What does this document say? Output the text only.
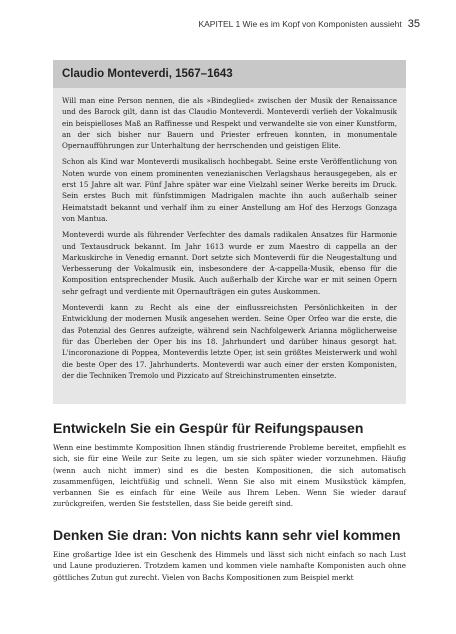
KAPITEL 1 Wie es im Kopf von Komponisten aussieht 35
Claudio Monteverdi, 1567–1643

Will man eine Person nennen, die als »Bindeglied« zwischen der Musik der Renaissance und des Barock gilt, dann ist das Claudio Monteverdi. Monteverdi verlieh der Vokalmusik ein beispielloses Maß an Raffinesse und Respekt und verwandelte sie von einer Kunstform, an der sich bisher nur Bauern und Priester erfreuen konnten, in monumentale Opernaufführungen zur Unterhaltung der herrschenden und geistigen Elite.

Schon als Kind war Monteverdi musikalisch hochbegabt. Seine erste Veröffentlichung von Noten wurde von einem prominenten venezianischen Verlagshaus herausgegeben, als er erst 15 Jahre alt war. Fünf Jahre später war eine Vielzahl seiner Werke bereits im Druck. Sein erstes Buch mit fünfstimmigen Madrigalen machte ihn auch außerhalb seiner Heimatstadt bekannt und verhalf ihm zu einer Anstellung am Hof des Herzogs Gonzaga von Mantua.

Monteverdi wurde als führender Verfechter des damals radikalen Ansatzes für Harmonie und Textausdruck bekannt. Im Jahr 1613 wurde er zum Maestro di cappella an der Markuskirche in Venedig ernannt. Dort setzte sich Monteverdi für die Neugestaltung und Verbesserung der Vokalmusik ein, insbesondere der A-cappella-Musik, ebenso für die Komposition entsprechender Musik. Auch außerhalb der Kirche war er mit seinen Opern sehr gefragt und verdiente mit Opernaufträgen ein gutes Auskommen.

Monteverdi kann zu Recht als eine der einflussreichsten Persönlichkeiten in der Entwicklung der modernen Musik angesehen werden. Seine Oper Orfeo war die erste, die das Potenzial des Genres aufzeigte, während sein Nachfolgewerk Arianna möglicherweise für das Überleben der Oper bis ins 18. Jahrhundert und darüber hinaus gesorgt hat. L'incoronazione di Poppea, Monteverdis letzte Oper, ist sein größtes Meisterwerk und wohl die beste Oper des 17. Jahrhunderts. Monteverdi war auch einer der ersten Komponisten, der die Techniken Tremolo und Pizzicato auf Streichinstrumenten einsetzte.

Entwickeln Sie ein Gespür für Reifungspausen

Wenn eine bestimmte Komposition Ihnen ständig frustrierende Probleme bereitet, empfiehlt es sich, sie für eine Weile zur Seite zu legen, um sie sich später wieder vorzunehmen. Häufig (wenn auch nicht immer) sind es die besten Kompositionen, die sich automatisch zusammenfügen, leichtfüßig und schnell. Wenn Sie also mit einem Musikstück kämpfen, verbannen Sie es einfach für eine Weile aus Ihrem Leben. Wenn Sie wieder darauf zurückgreifen, werden Sie feststellen, dass Sie beide gereift sind.

Denken Sie dran: Von nichts kann sehr viel kommen

Eine großartige Idee ist ein Geschenk des Himmels und lässt sich nicht einfach so nach Lust und Laune produzieren. Trotzdem kamen und kommen viele namhafte Komponisten auch ohne göttliches Zutun gut zurecht. Vielen von Bachs Kompositionen zum Beispiel merkt
